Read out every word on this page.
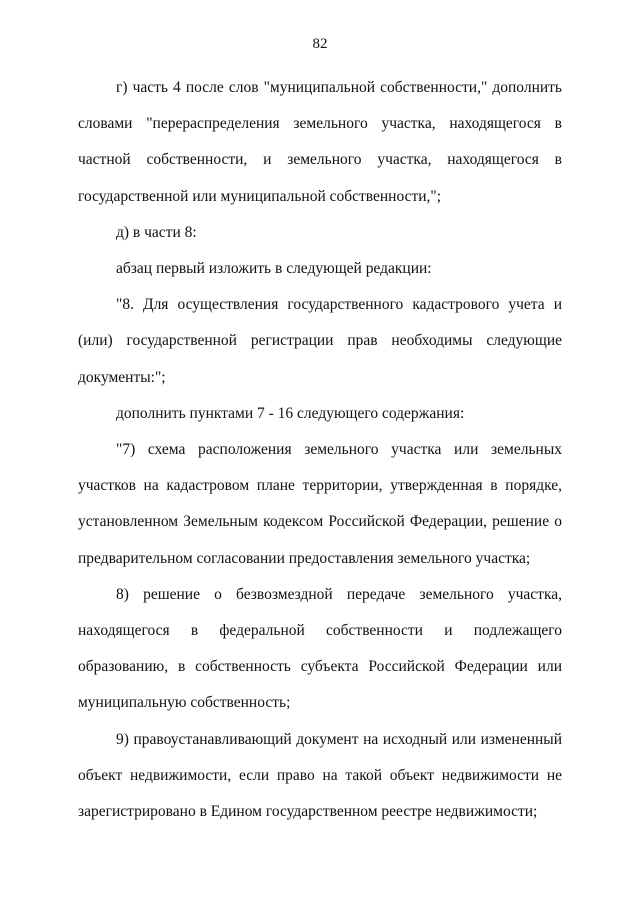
82

г) часть 4 после слов "муниципальной собственности," дополнить словами "перераспределения земельного участка, находящегося в частной собственности, и земельного участка, находящегося в государственной или муниципальной собственности,";

д) в части 8:

абзац первый изложить в следующей редакции:

"8. Для осуществления государственного кадастрового учета и (или) государственной регистрации прав необходимы следующие документы:";

дополнить пунктами 7 - 16 следующего содержания:

"7) схема расположения земельного участка или земельных участков на кадастровом плане территории, утвержденная в порядке, установленном Земельным кодексом Российской Федерации, решение о предварительном согласовании предоставления земельного участка;

8) решение о безвозмездной передаче земельного участка, находящегося в федеральной собственности и подлежащего образованию, в собственность субъекта Российской Федерации или муниципальную собственность;

9) правоустанавливающий документ на исходный или измененный объект недвижимости, если право на такой объект недвижимости не зарегистрировано в Едином государственном реестре недвижимости;
